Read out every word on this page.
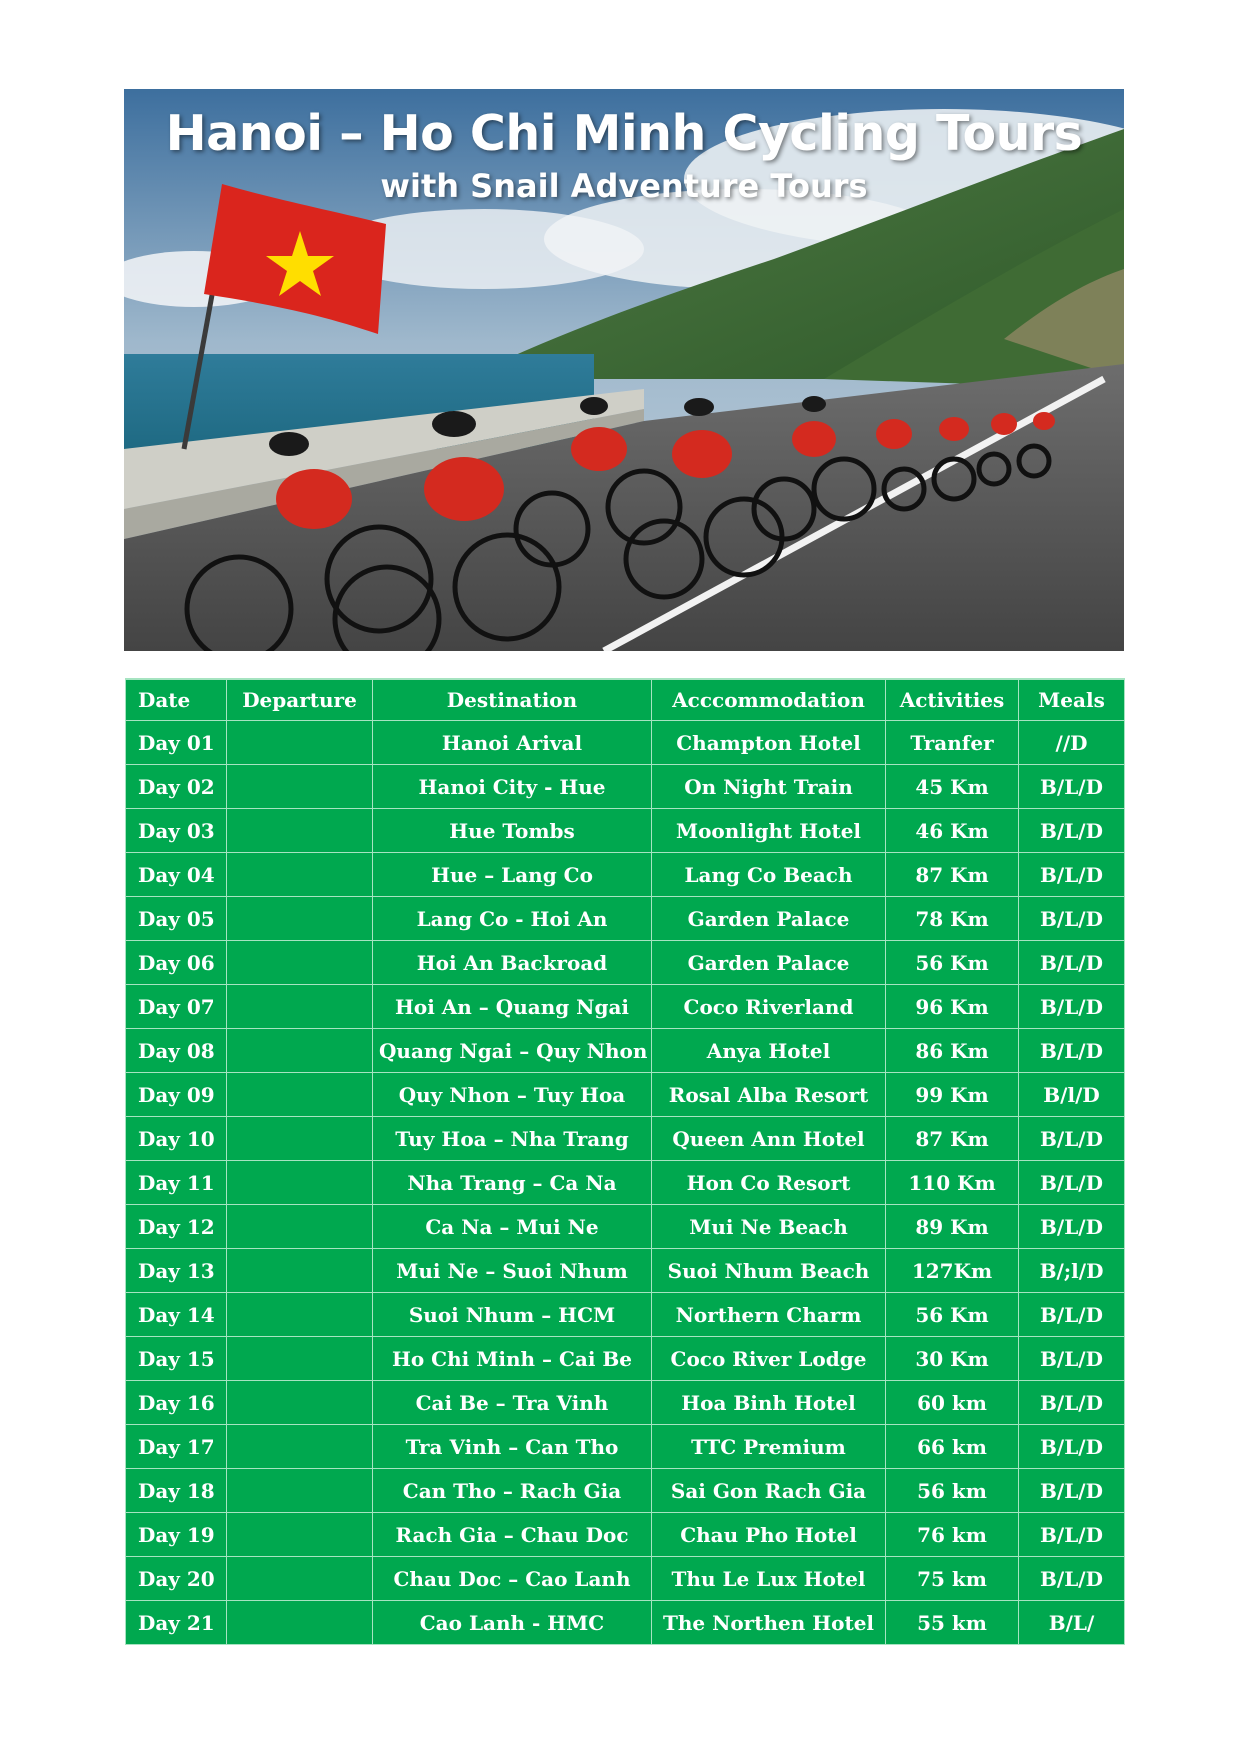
Hanoi – Ho Chi Minh Cycling Tours
with Snail Adventure Tours
Date	Departure	Destination	Acccommodation	Activities	Meals
Day 01		Hanoi Arival	Champton Hotel	Tranfer	//D
Day 02		Hanoi City - Hue	On Night Train	45 Km	B/L/D
Day 03		Hue Tombs	Moonlight Hotel	46 Km	B/L/D
Day 04		Hue – Lang Co	Lang Co Beach	87 Km	B/L/D
Day 05		Lang Co - Hoi An	Garden Palace	78 Km	B/L/D
Day 06		Hoi An Backroad	Garden Palace	56 Km	B/L/D
Day 07		Hoi An – Quang Ngai	Coco Riverland	96 Km	B/L/D
Day 08		Quang Ngai – Quy Nhon	Anya Hotel	86 Km	B/L/D
Day 09		Quy Nhon – Tuy Hoa	Rosal Alba Resort	99 Km	B/l/D
Day 10		Tuy Hoa – Nha Trang	Queen Ann Hotel	87 Km	B/L/D
Day 11		Nha Trang – Ca Na	Hon Co Resort	110 Km	B/L/D
Day 12		Ca Na – Mui Ne	Mui Ne Beach	89 Km	B/L/D
Day 13		Mui Ne – Suoi Nhum	Suoi Nhum Beach	127Km	B/;l/D
Day 14		Suoi Nhum – HCM	Northern Charm	56 Km	B/L/D
Day 15		Ho Chi Minh – Cai Be	Coco River Lodge	30 Km	B/L/D
Day 16		Cai Be – Tra Vinh	Hoa Binh Hotel	60 km	B/L/D
Day 17		Tra Vinh – Can Tho	TTC Premium	66 km	B/L/D
Day 18		Can Tho – Rach Gia	Sai Gon Rach Gia	56 km	B/L/D
Day 19		Rach Gia – Chau Doc	Chau Pho Hotel	76 km	B/L/D
Day 20		Chau Doc – Cao Lanh	Thu Le Lux Hotel	75 km	B/L/D
Day 21		Cao Lanh - HMC	The Northen Hotel	55 km	B/L/
